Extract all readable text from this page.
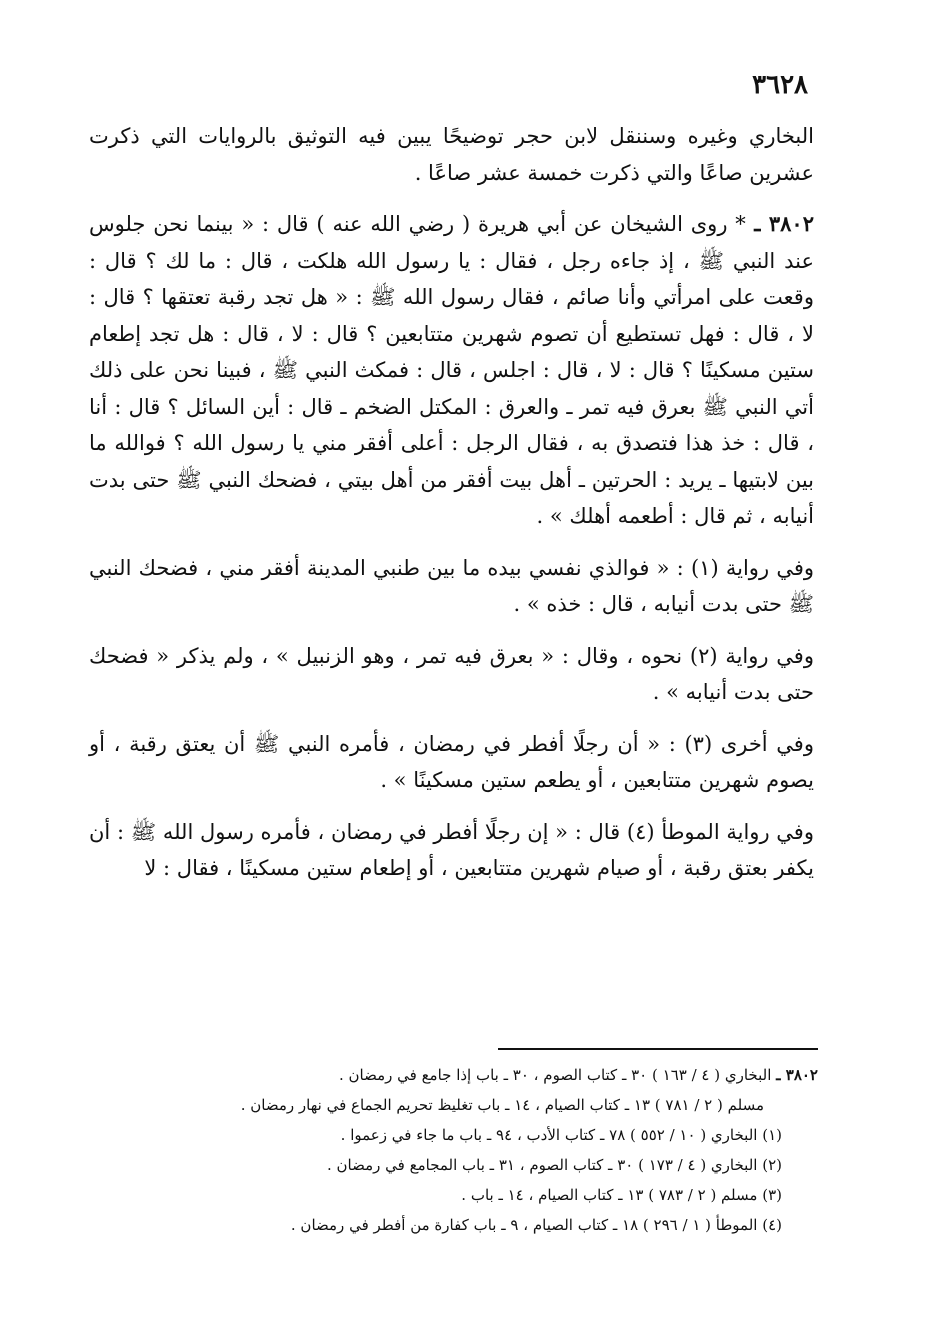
٣٦٢٨

البخاري وغيره وسننقل لابن حجر توضيحًا يبين فيه التوثيق بالروايات التي ذكرت عشرين صاعًا والتي ذكرت خمسة عشر صاعًا .

٣٨٠٢ ـ * روى الشيخان عن أبي هريرة ( رضي الله عنه ) قال : « بينما نحن جلوس عند النبي ﷺ ، إذ جاءه رجل ، فقال : يا رسول الله هلكت ، قال : ما لك ؟ قال : وقعت على امرأتي وأنا صائم ، فقال رسول الله ﷺ : « هل تجد رقبة تعتقها ؟ قال : لا ، قال : فهل تستطيع أن تصوم شهرين متتابعين ؟ قال : لا ، قال : هل تجد إطعام ستين مسكينًا ؟ قال : لا ، قال : اجلس ، قال : فمكث النبي ﷺ ، فبينا نحن على ذلك أتي النبي ﷺ بعرق فيه تمر ـ والعرق : المكتل الضخم ـ قال : أين السائل ؟ قال : أنا ، قال : خذ هذا فتصدق به ، فقال الرجل : أعلى أفقر مني يا رسول الله ؟ فوالله ما بين لابتيها ـ يريد : الحرتين ـ أهل بيت أفقر من أهل بيتي ، فضحك النبي ﷺ حتى بدت أنيابه ، ثم قال : أطعمه أهلك » .

وفي رواية (١) : « فوالذي نفسي بيده ما بين طنبي المدينة أفقر مني ، فضحك النبي ﷺ حتى بدت أنيابه ، قال : خذه » .

وفي رواية (٢) نحوه ، وقال : « بعرق فيه تمر ، وهو الزنبيل » ، ولم يذكر « فضحك حتى بدت أنيابه » .

وفي أخرى (٣) : « أن رجلًا أفطر في رمضان ، فأمره النبي ﷺ أن يعتق رقبة ، أو يصوم شهرين متتابعين ، أو يطعم ستين مسكينًا » .

وفي رواية الموطأ (٤) قال : « إن رجلًا أفطر في رمضان ، فأمره رسول الله ﷺ : أن يكفر بعتق رقبة ، أو صيام شهرين متتابعين ، أو إطعام ستين مسكينًا ، فقال : لا

٣٨٠٢ ـ البخاري ( ٤ / ١٦٣ ) ٣٠ ـ كتاب الصوم ، ٣٠ ـ باب إذا جامع في رمضان .

مسلم ( ٢ / ٧٨١ ) ١٣ ـ كتاب الصيام ، ١٤ ـ باب تغليظ تحريم الجماع في نهار رمضان .

(١) البخاري ( ١٠ / ٥٥٢ ) ٧٨ ـ كتاب الأدب ، ٩٤ ـ باب ما جاء في زعموا .

(٢) البخاري ( ٤ / ١٧٣ ) ٣٠ ـ كتاب الصوم ، ٣١ ـ باب المجامع في رمضان .

(٣) مسلم ( ٢ / ٧٨٣ ) ١٣ ـ كتاب الصيام ، ١٤ ـ باب .

(٤) الموطأ ( ١ / ٢٩٦ ) ١٨ ـ كتاب الصيام ، ٩ ـ باب كفارة من أفطر في رمضان .
